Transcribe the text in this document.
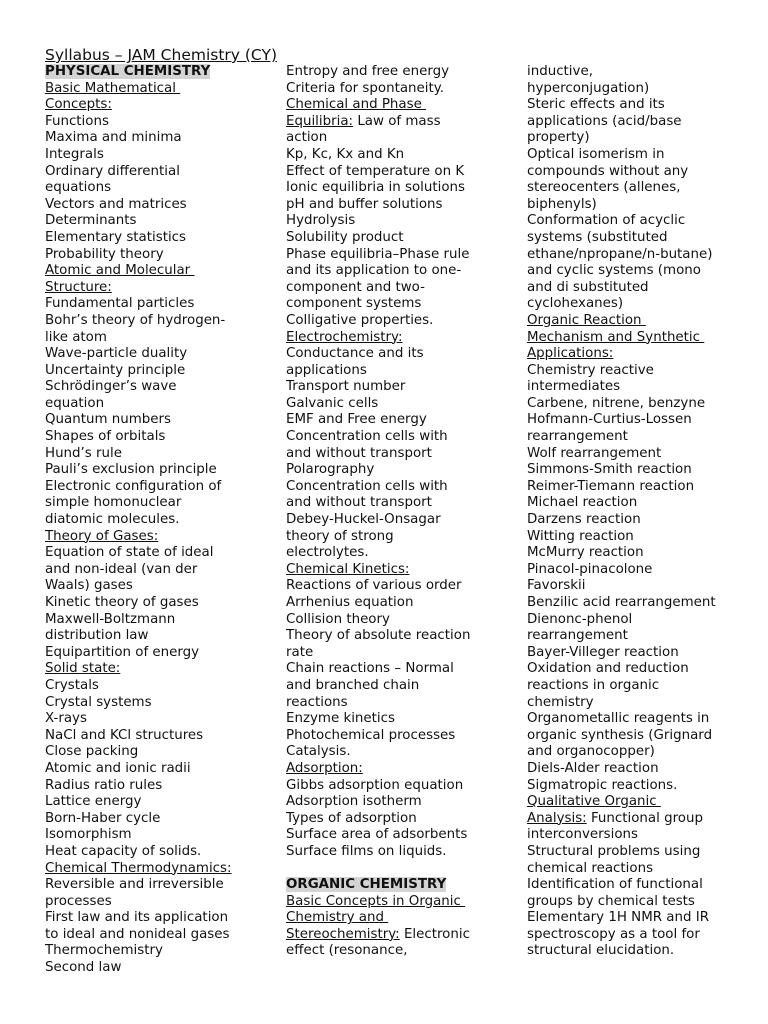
Syllabus – JAM Chemistry (CY)
PHYSICAL CHEMISTRY
Basic Mathematical
Concepts:
Functions
Maxima and minima
Integrals
Ordinary differential
equations
Vectors and matrices
Determinants
Elementary statistics
Probability theory
Atomic and Molecular
Structure:
Fundamental particles
Bohr’s theory of hydrogen-
like atom
Wave-particle duality
Uncertainty principle
Schrödinger’s wave
equation
Quantum numbers
Shapes of orbitals
Hund’s rule
Pauli’s exclusion principle
Electronic configuration of
simple homonuclear
diatomic molecules.
Theory of Gases:
Equation of state of ideal
and non-ideal (van der
Waals) gases
Kinetic theory of gases
Maxwell-Boltzmann
distribution law
Equipartition of energy
Solid state:
Crystals
Crystal systems
X-rays
NaCl and KCl structures
Close packing
Atomic and ionic radii
Radius ratio rules
Lattice energy
Born-Haber cycle
Isomorphism
Heat capacity of solids.
Chemical Thermodynamics:
Reversible and irreversible
processes
First law and its application
to ideal and nonideal gases
Thermochemistry
Second law
Entropy and free energy
Criteria for spontaneity.
Chemical and Phase
Equilibria: Law of mass
action
Kp, Kc, Kx and Kn
Effect of temperature on K
Ionic equilibria in solutions
pH and buffer solutions
Hydrolysis
Solubility product
Phase equilibria–Phase rule
and its application to one-
component and two-
component systems
Colligative properties.
Electrochemistry:
Conductance and its
applications
Transport number
Galvanic cells
EMF and Free energy
Concentration cells with
and without transport
Polarography
Concentration cells with
and without transport
Debey-Huckel-Onsagar
theory of strong
electrolytes.
Chemical Kinetics:
Reactions of various order
Arrhenius equation
Collision theory
Theory of absolute reaction
rate
Chain reactions – Normal
and branched chain
reactions
Enzyme kinetics
Photochemical processes
Catalysis.
Adsorption:
Gibbs adsorption equation
Adsorption isotherm
Types of adsorption
Surface area of adsorbents
Surface films on liquids.

ORGANIC CHEMISTRY
Basic Concepts in Organic
Chemistry and
Stereochemistry: Electronic
effect (resonance,
inductive,
hyperconjugation)
Steric effects and its
applications (acid/base
property)
Optical isomerism in
compounds without any
stereocenters (allenes,
biphenyls)
Conformation of acyclic
systems (substituted
ethane/npropane/n-butane)
and cyclic systems (mono
and di substituted
cyclohexanes)
Organic Reaction
Mechanism and Synthetic
Applications:
Chemistry reactive
intermediates
Carbene, nitrene, benzyne
Hofmann-Curtius-Lossen
rearrangement
Wolf rearrangement
Simmons-Smith reaction
Reimer-Tiemann reaction
Michael reaction
Darzens reaction
Witting reaction
McMurry reaction
Pinacol-pinacolone
Favorskii
Benzilic acid rearrangement
Dienonc-phenol
rearrangement
Bayer-Villeger reaction
Oxidation and reduction
reactions in organic
chemistry
Organometallic reagents in
organic synthesis (Grignard
and organocopper)
Diels-Alder reaction
Sigmatropic reactions.
Qualitative Organic
Analysis: Functional group
interconversions
Structural problems using
chemical reactions
Identification of functional
groups by chemical tests
Elementary 1H NMR and IR
spectroscopy as a tool for
structural elucidation.
